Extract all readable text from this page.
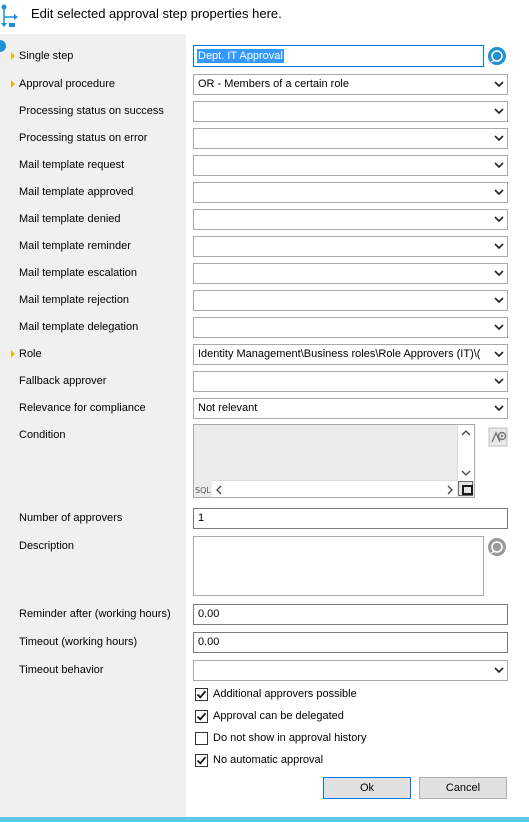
Edit selected approval step properties here.
Single step
Approval procedure
Processing status on success
Processing status on error
Mail template request
Mail template approved
Mail template denied
Mail template reminder
Mail template escalation
Mail template rejection
Mail template delegation
Role
Fallback approver
Relevance for compliance
Condition
Number of approvers
Description
Reminder after (working hours)
Timeout (working hours)
Timeout behavior
Dept. IT Approval
OR - Members of a certain role
Identity Management\Business roles\Role Approvers (IT)\(
Not relevant
SQL
1
0.00
0.00
Additional approvers possible
Approval can be delegated
Do not show in approval history
No automatic approval
Ok	Cancel
